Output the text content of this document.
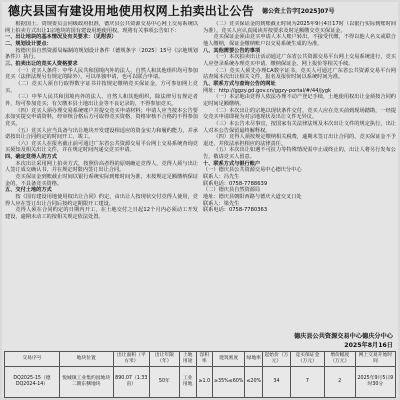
德庆县国有建设用地使用权网上拍卖出让公告 德公资土告字[2025]07号

根据国土、资规委员会同级政府批准，德庆县公共资源交易中心网上交易系统以网上拍卖方式出让1宗地块的国有建设用地使用权。现将有关事项公告如下：

一、出让地块的基本情况及有关要求：（见附表）

二、规划设计要点：

按德庆县自然资源局编制的规划设计条件（德规条字〔2025〕15号《宗地规划条件》）执行。

三、拍卖出让的竞买人资格要求

（一）竞买人条件：中华人民共和国境内外的法人、自然人和其他组织均可参加竞买（法律法规另有规定的除外），可以单独申请，也可以联合申请。

（二）竞买人须自行取得数字证书并按规定缴纳竞买保证金，方可参加网上竞买。

（三）中华人民共和国境内外的法人、自然人和其他组织，除法律另有规定者外，均可参加竞买；有欠缴本县土地出让金等不良记录的，不得参加竞买。

（四）竞买人须办理交易系统账户并提交竞买申请材料；申请人应当按本公告要求如实提交申请资料，经审核合格后方可取得竞买资格，资格审核不合格的不得参加竞买。

（五）竞买人应当具备与出让地块开发建设相适应的资金实力和履约能力，并承诺按出让合同约定的时间开工、竣工。

（六）竞买人在报名截止前可通过广东省公共资源交易平台网上交易系统查询竞买须知及相关出让文件，并在规定时间内递交竞买申请。

四、确定竞得人的方式

本次出让采用网上拍卖方式，按照价高者得的原则确定竞得人，竞得人须与出让人签订成交确认书，并在规定时限内签订出让合同。

竞买保证金到账截止时间以银行系统实际到账时间为准，未按规定足额缴纳保证金的，不具备竞买资格。

五、交付土地的方式

按《国有建设用地使用权出让合同》约定，由出让人按现状交付竞得人使用，竞得人应在签订出让合同后按约定期限开工建设。

竞得人须在合同约定的日期内开工，在土地交付之日起12个月内必须动工开发建设，逾期未动工的按相关规定依法处置。

（二）竞买保证金的到账截止时间为2025年9月4日17时（以银行实际到账时间为准）。竞买人应认真阅读并按要求及时足额缴交竞买保证金。

竞买保证金须由竞买申请人本人账户转出，不接受代缴，不得以他人名义或联合他人缴纳，保证金缴纳账户以交易系统生成的为准。

八、其他需要公告的事项

（一）本次拍卖出让活动通过广东省公共资源交易平台网上交易系统进行，竞买人应登录系统办理竞买申请、缴纳保证金、网上报价等相关手续。

（二）竞买人须先办理CA数字证书，竞买人可通过广东省公共资源交易平台网站查阅本次出让相关文件，报名及报价时间以系统时间为准。

九、联系方式与查询公告的网址

网址：http://ggzy.gd.gov.cn/ggzy-portal/#/44/jygk

（一）本宗地由竞得人依法办理不动产登记手续，土地使用权出让金须按合同约定时间足额缴纳。

（二）本次出让的宗地以现状条件交付，竞买人应在竞买前到现场踏勘，一经提交竞买申请即视为对宗地现状及出让文件无异议。

（三）本公告未尽事宜，按国家有关法律法规及本次出让文件的规定执行，出让人对本公告保留最终解释权。

（四）竞得人须按规定缴纳相关税费，逾期未签订出让合同的，竞买保证金不予退还，并依法承担相应的法律责任。

（五）本次出让如遇不可抗力等特殊情况需中止或终止的，出让人将另行发布公告，敬请竞买人留意。

十、联系方式与银行账户

（一）德庆县公共资源交易中心德庆分中心

联系人：冯先生

联系电话：0758-7788639

（二）德庆县自然资源局

地址：德庆县朝阳西路与德庆大道交叉口处

联系人：梁先生

联系电话：0758-7780363

德庆县公共资源交易中心德庆分中心
2025年8月16日
交易序号	地块位置	出让面积（平方米）	出让年限（年）	土地用途	容积率	建筑密度	绿地率	起始价（万元）	竞买保证金（万元）	增价幅度（万元）	网上交易开始时间
DQ2025-15（德DQ2024-14）	悦城镇工业集约园地块二期东侧地块	890.07（1.33亩）	50年	工业用地	≥1.0	≥35%≤60%	≤20%	34	7	2	2025年9月5日9时30分
